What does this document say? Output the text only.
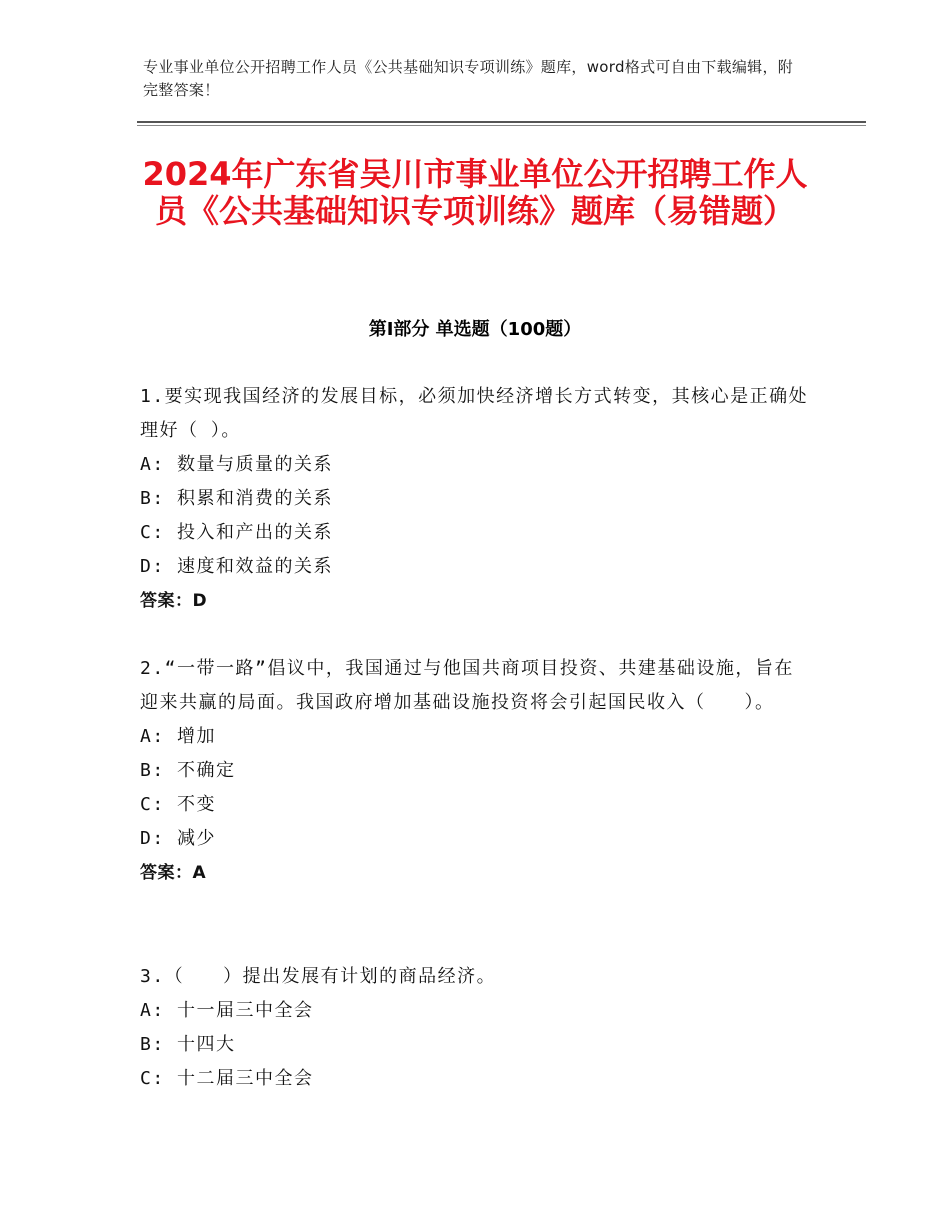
专业事业单位公开招聘工作人员《公共基础知识专项训练》题库，word格式可自由下载编辑，附完整答案！
2024年广东省吴川市事业单位公开招聘工作人员《公共基础知识专项训练》题库（易错题）
第Ⅰ部分 单选题（100题）

1.要实现我国经济的发展目标，必须加快经济增长方式转变，其核心是正确处理好（ ）。

A: 数量与质量的关系

B: 积累和消费的关系

C: 投入和产出的关系

D: 速度和效益的关系

答案：D

2.“一带一路”倡议中，我国通过与他国共商项目投资、共建基础设施，旨在迎来共赢的局面。我国政府增加基础设施投资将会引起国民收入（　　）。

A: 增加

B: 不确定

C: 不变

D: 减少

答案：A

3.（　　）提出发展有计划的商品经济。

A: 十一届三中全会

B: 十四大

C: 十二届三中全会
